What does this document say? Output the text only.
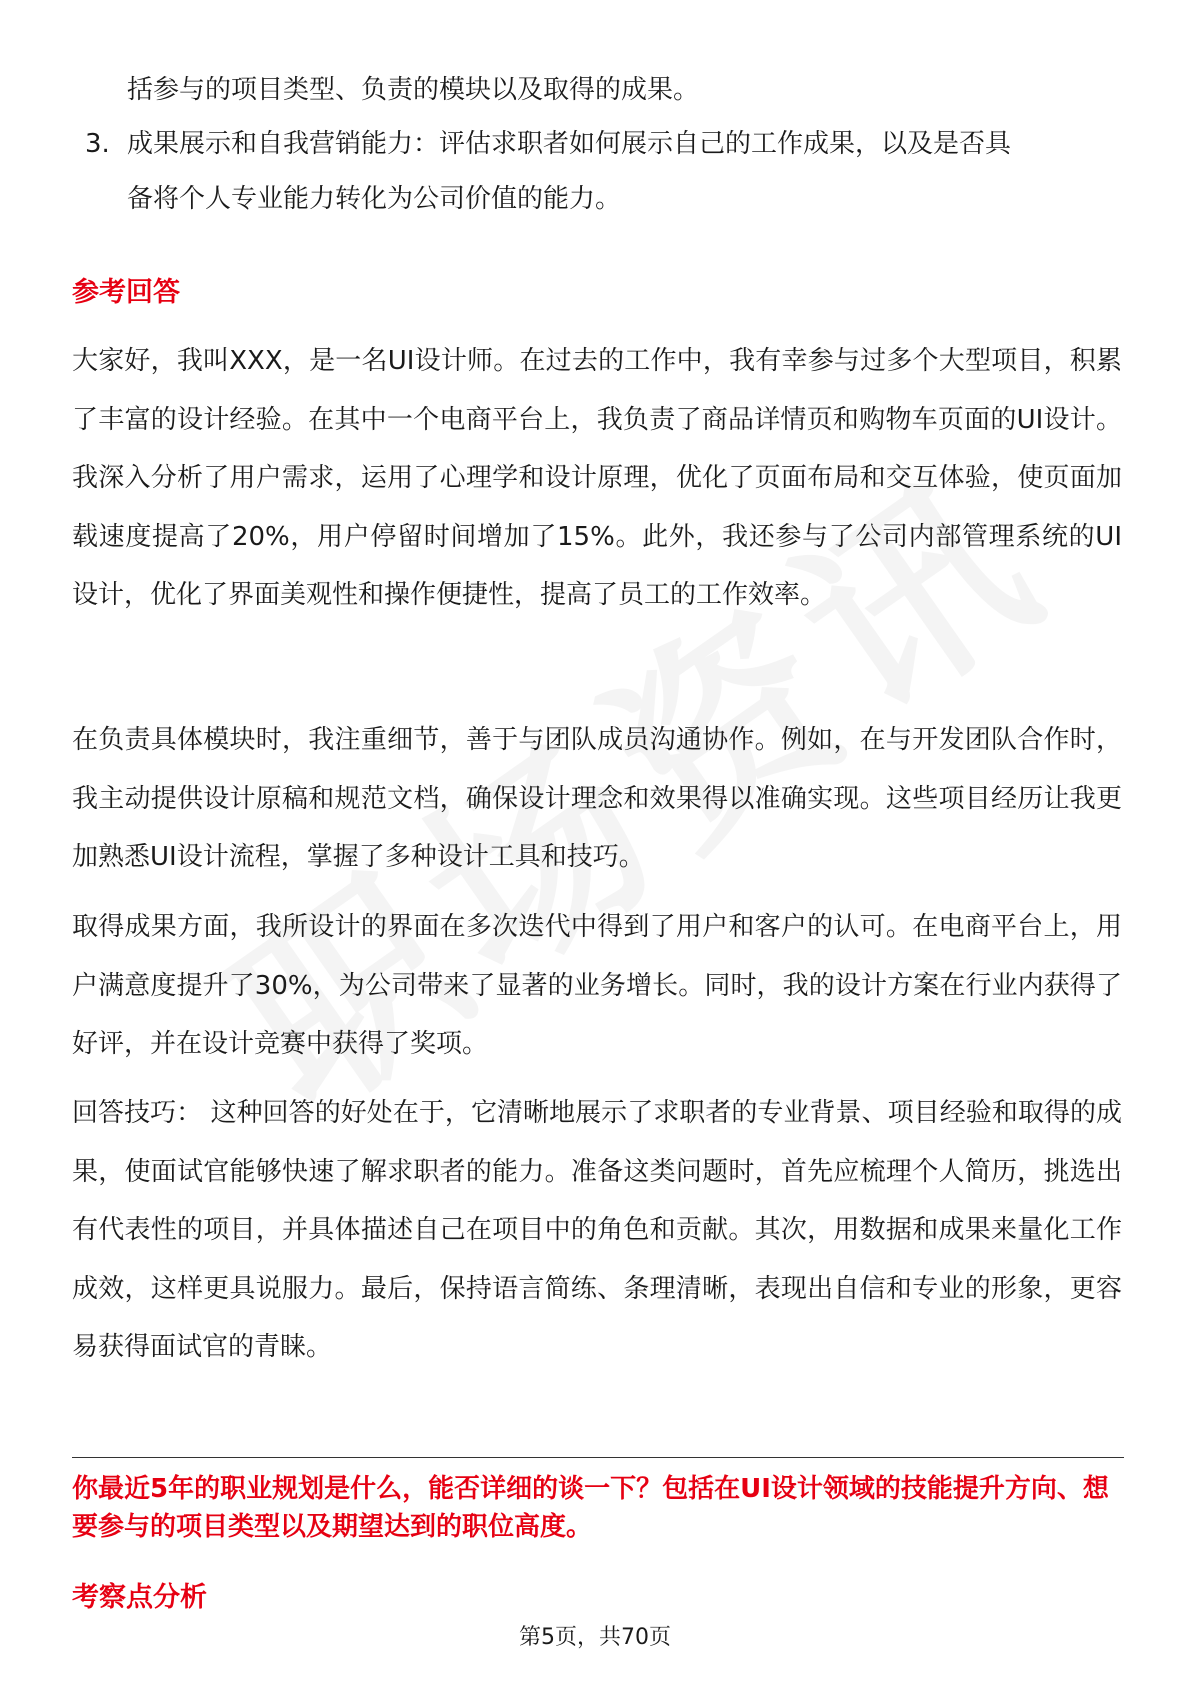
括参与的项目类型、负责的模块以及取得的成果。

3. 成果展示和自我营销能力：评估求职者如何展示自己的工作成果，以及是否具

备将个人专业能力转化为公司价值的能力。

参考回答

大家好，我叫XXX，是一名UI设计师。在过去的工作中，我有幸参与过多个大型项目，积累了丰富的设计经验。在其中一个电商平台上，我负责了商品详情页和购物车页面的UI设计。我深入分析了用户需求，运用了心理学和设计原理，优化了页面布局和交互体验，使页面加载速度提高了20%，用户停留时间增加了15%。此外，我还参与了公司内部管理系统的UI设计，优化了界面美观性和操作便捷性，提高了员工的工作效率。

在负责具体模块时，我注重细节，善于与团队成员沟通协作。例如，在与开发团队合作时，我主动提供设计原稿和规范文档，确保设计理念和效果得以准确实现。这些项目经历让我更加熟悉UI设计流程，掌握了多种设计工具和技巧。

取得成果方面，我所设计的界面在多次迭代中得到了用户和客户的认可。在电商平台上，用户满意度提升了30%，为公司带来了显著的业务增长。同时，我的设计方案在行业内获得了好评，并在设计竞赛中获得了奖项。

回答技巧： 这种回答的好处在于，它清晰地展示了求职者的专业背景、项目经验和取得的成果，使面试官能够快速了解求职者的能力。准备这类问题时，首先应梳理个人简历，挑选出有代表性的项目，并具体描述自己在项目中的角色和贡献。其次，用数据和成果来量化工作成效，这样更具说服力。最后，保持语言简练、条理清晰，表现出自信和专业的形象，更容易获得面试官的青睐。

你最近5年的职业规划是什么，能否详细的谈一下？包括在UI设计领域的技能提升方向、想要参与的项目类型以及期望达到的职位高度。

考察点分析
第5页，共70页
